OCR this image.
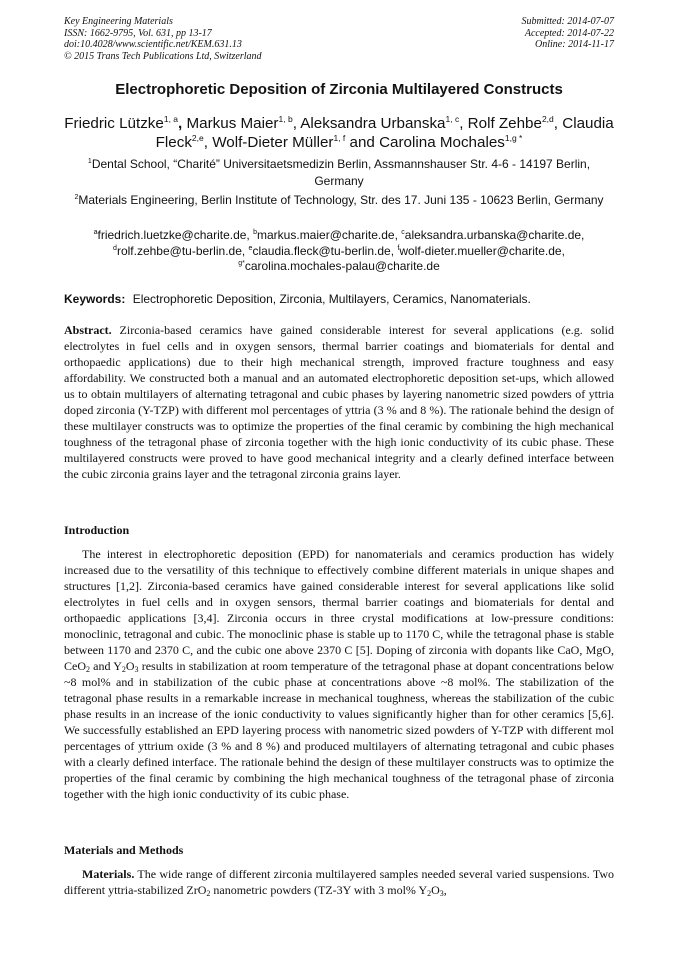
Key Engineering Materials
ISSN: 1662-9795, Vol. 631, pp 13-17
doi:10.4028/www.scientific.net/KEM.631.13
© 2015 Trans Tech Publications Ltd, Switzerland
Submitted: 2014-07-07
Accepted: 2014-07-22
Online: 2014-11-17
Electrophoretic Deposition of Zirconia Multilayered Constructs
Friedric Lützke$^{1, a}$, Markus Maier$^{1, b}$, Aleksandra Urbanska$^{1, c}$, Rolf Zehbe$^{2,d}$, Claudia Fleck$^{2,e}$, Wolf-Dieter Müller$^{1, f}$ and Carolina Mochales$^{1,g *}$
$^1$Dental School, “Charité” Universitaetsmedizin Berlin, Assmannshauser Str. 4-6 - 14197 Berlin, Germany
$^2$Materials Engineering, Berlin Institute of Technology, Str. des 17. Juni 135 - 10623 Berlin, Germany
$^a$friedrich.luetzke@charite.de, $^b$markus.maier@charite.de, $^c$aleksandra.urbanska@charite.de,
$^d$rolf.zehbe@tu-berlin.de, $^e$claudia.fleck@tu-berlin.de, $^f$wolf-dieter.mueller@charite.de,
$^{g*}$carolina.mochales-palau@charite.de
Keywords: Electrophoretic Deposition, Zirconia, Multilayers, Ceramics, Nanomaterials.
Abstract. Zirconia-based ceramics have gained considerable interest for several applications (e.g. solid electrolytes in fuel cells and in oxygen sensors, thermal barrier coatings and biomaterials for dental and orthopaedic applications) due to their high mechanical strength, improved fracture toughness and easy affordability. We constructed both a manual and an automated electrophoretic deposition set-ups, which allowed us to obtain multilayers of alternating tetragonal and cubic phases by layering nanometric sized powders of yttria doped zirconia (Y-TZP) with different mol percentages of yttria (3 % and 8 %). The rationale behind the design of these multilayer constructs was to optimize the properties of the final ceramic by combining the high mechanical toughness of the tetragonal phase of zirconia together with the high ionic conductivity of its cubic phase. These multilayered constructs were proved to have good mechanical integrity and a clearly defined interface between the cubic zirconia grains layer and the tetragonal zirconia grains layer.
Introduction
The interest in electrophoretic deposition (EPD) for nanomaterials and ceramics production has widely increased due to the versatility of this technique to effectively combine different materials in unique shapes and structures [1,2]. Zirconia-based ceramics have gained considerable interest for several applications like solid electrolytes in fuel cells and in oxygen sensors, thermal barrier coatings and biomaterials for dental and orthopaedic applications [3,4]. Zirconia occurs in three crystal modifications at low-pressure conditions: monoclinic, tetragonal and cubic. The monoclinic phase is stable up to 1170 C, while the tetragonal phase is stable between 1170 and 2370 C, and the cubic one above 2370 C [5]. Doping of zirconia with dopants like CaO, MgO, CeO$_2$ and $Y_2O_3$ results in stabilization at room temperature of the tetragonal phase at dopant concentrations below ~8 mol% and in stabilization of the cubic phase at concentrations above ~8 mol%. The stabilization of the tetragonal phase results in a remarkable increase in mechanical toughness, whereas the stabilization of the cubic phase results in an increase of the ionic conductivity to values significantly higher than for other ceramics [5,6]. We successfully established an EPD layering process with nanometric sized powders of Y-TZP with different mol percentages of yttrium oxide (3 % and 8 %) and produced multilayers of alternating tetragonal and cubic phases with a clearly defined interface. The rationale behind the design of these multilayer constructs was to optimize the properties of the final ceramic by combining the high mechanical toughness of the tetragonal phase of zirconia together with the high ionic conductivity of its cubic phase.
Materials and Methods
Materials. The wide range of different zirconia multilayered samples needed several varied suspensions. Two different yttria-stabilized ZrO$_2$ nanometric powders (TZ-3Y with 3 mol% $Y_2O_3$,
